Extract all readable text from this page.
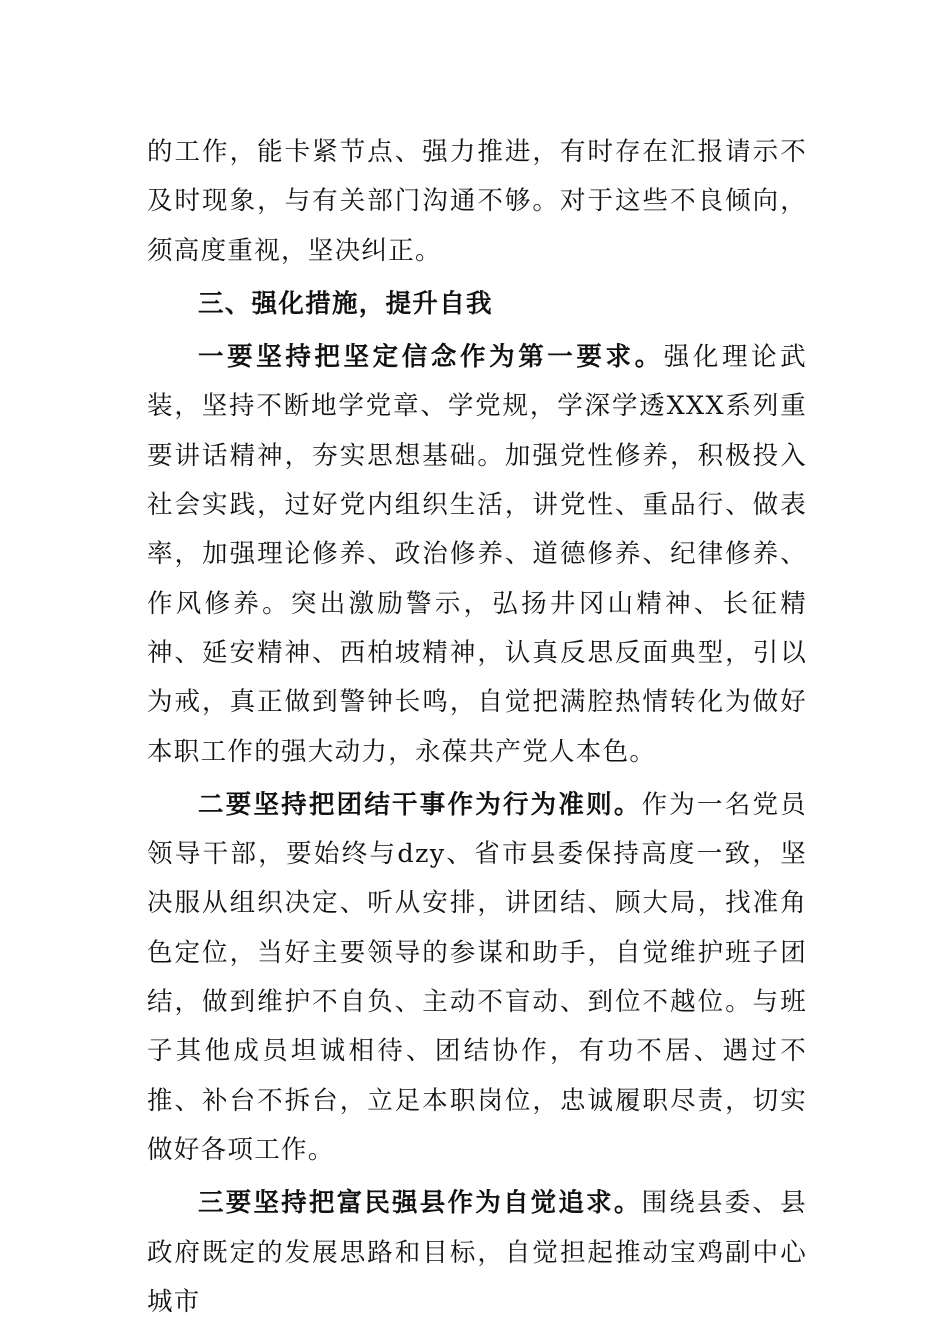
的工作，能卡紧节点、强力推进，有时存在汇报请示不及时现象，与有关部门沟通不够。对于这些不良倾向，须高度重视，坚决纠正。

三、强化措施，提升自我

一要坚持把坚定信念作为第一要求。强化理论武装，坚持不断地学党章、学党规，学深学透XXX系列重要讲话精神，夯实思想基础。加强党性修养，积极投入社会实践，过好党内组织生活，讲党性、重品行、做表率，加强理论修养、政治修养、道德修养、纪律修养、作风修养。突出激励警示，弘扬井冈山精神、长征精神、延安精神、西柏坡精神，认真反思反面典型，引以为戒，真正做到警钟长鸣，自觉把满腔热情转化为做好本职工作的强大动力，永葆共产党人本色。

二要坚持把团结干事作为行为准则。作为一名党员领导干部，要始终与dzy、省市县委保持高度一致，坚决服从组织决定、听从安排，讲团结、顾大局，找准角色定位，当好主要领导的参谋和助手，自觉维护班子团结，做到维护不自负、主动不盲动、到位不越位。与班子其他成员坦诚相待、团结协作，有功不居、遇过不推、补台不拆台，立足本职岗位，忠诚履职尽责，切实做好各项工作。

三要坚持把富民强县作为自觉追求。围绕县委、县政府既定的发展思路和目标，自觉担起推动宝鸡副中心城市
